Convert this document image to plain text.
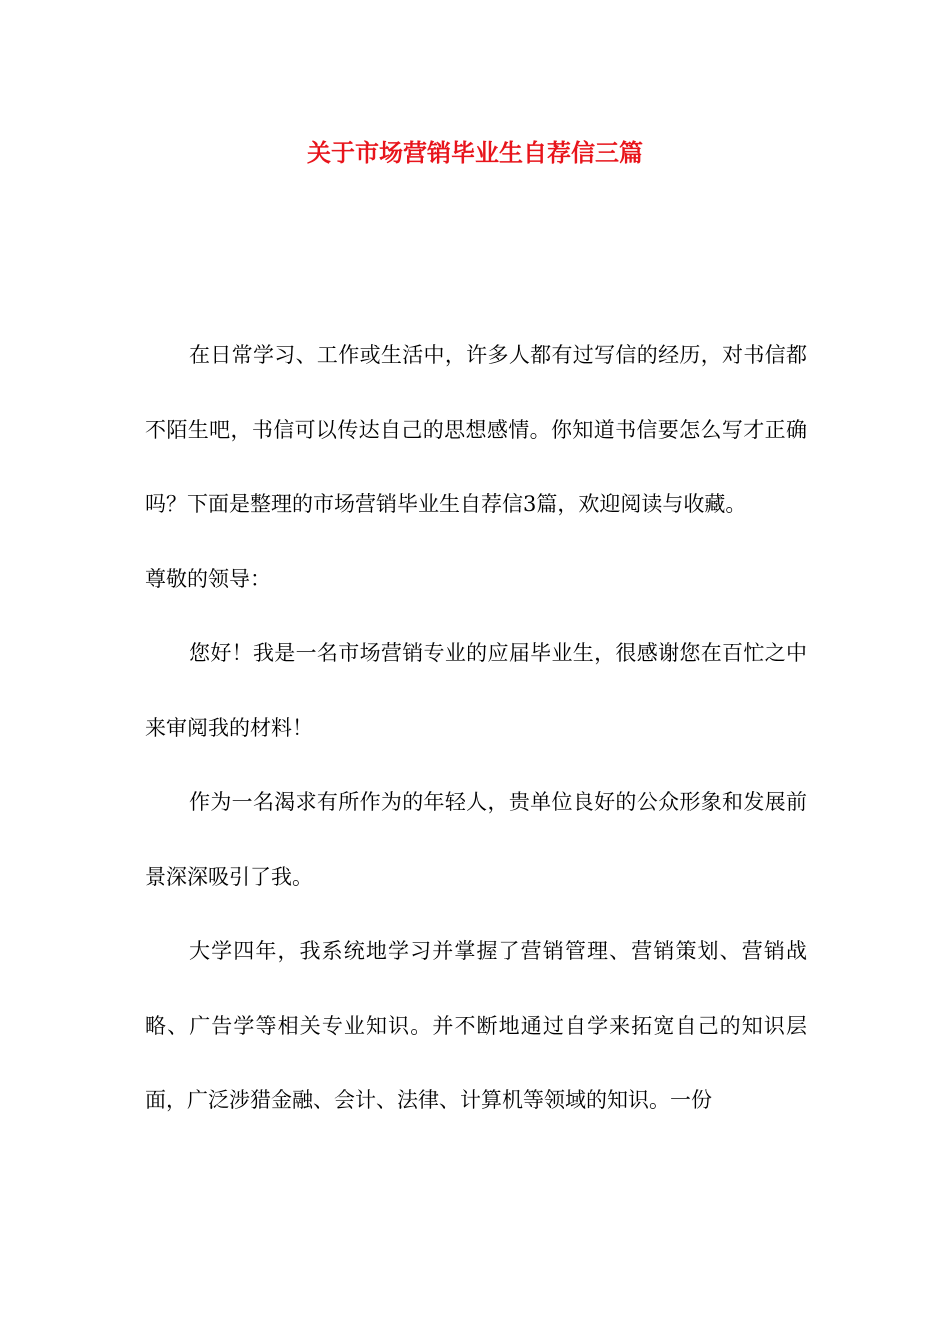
关于市场营销毕业生自荐信三篇

在日常学习、工作或生活中，许多人都有过写信的经历，对书信都不陌生吧，书信可以传达自己的思想感情。你知道书信要怎么写才正确吗？下面是整理的市场营销毕业生自荐信3篇，欢迎阅读与收藏。

尊敬的领导：

您好！我是一名市场营销专业的应届毕业生，很感谢您在百忙之中来审阅我的材料！

作为一名渴求有所作为的年轻人，贵单位良好的公众形象和发展前景深深吸引了我。

大学四年，我系统地学习并掌握了营销管理、营销策划、营销战略、广告学等相关专业知识。并不断地通过自学来拓宽自己的知识层面，广泛涉猎金融、会计、法律、计算机等领域的知识。一份
